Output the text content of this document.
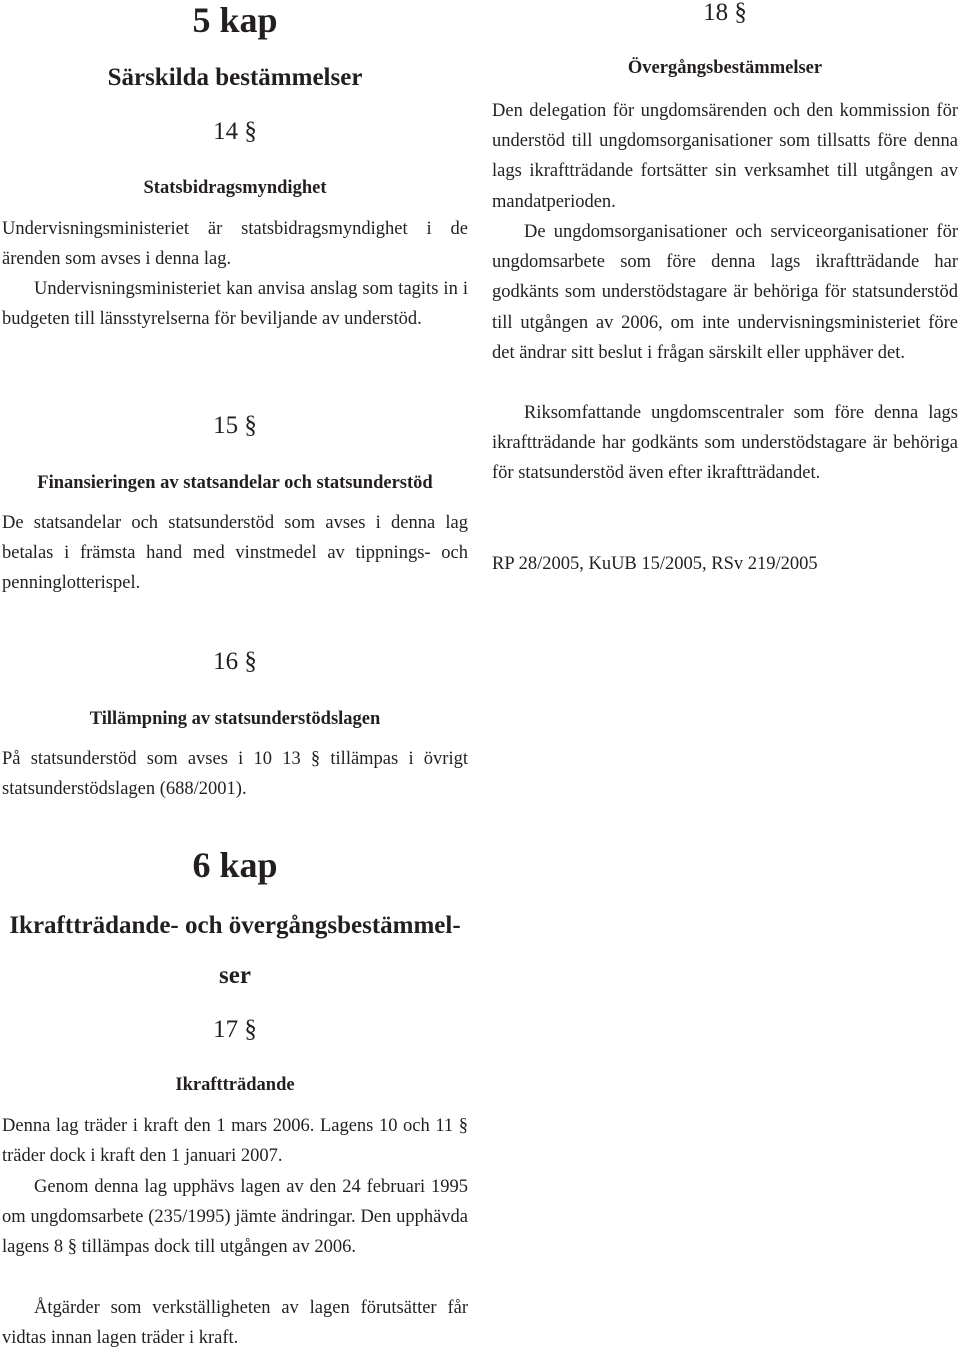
5 kap
Särskilda bestämmelser
14 §
Statsbidragsmyndighet

Undervisningsministeriet är statsbidragsmyndighet i de ärenden som avses i denna lag.

Undervisningsministeriet kan anvisa anslag som tagits in i budgeten till länsstyrelserna för beviljande av understöd.

15 §
Finansieringen av statsandelar och statsunderstöd

De statsandelar och statsunderstöd som avses i denna lag betalas i främsta hand med vinstmedel av tippnings- och penninglotterispel.

16 §
Tillämpning av statsunderstödslagen

På statsunderstöd som avses i 10 13 § tillämpas i övrigt statsunderstödslagen (688/2001).

6 kap
Ikraftträdande- och övergångsbestämmel-
ser
17 §
Ikraftträdande

Denna lag träder i kraft den 1 mars 2006. Lagens 10 och 11 § träder dock i kraft den 1 januari 2007.

Genom denna lag upphävs lagen av den 24 februari 1995 om ungdomsarbete (235/1995) jämte ändringar. Den upphävda lagens 8 § tillämpas dock till utgången av 2006.

Åtgärder som verkställigheten av lagen förutsätter får vidtas innan lagen träder i kraft.

18 §
Övergångsbestämmelser

Den delegation för ungdomsärenden och den kommission för understöd till ungdomsorganisationer som tillsatts före denna lags ikraftträdande fortsätter sin verksamhet till utgången av mandatperioden.

De ungdomsorganisationer och serviceorganisationer för ungdomsarbete som före denna lags ikraftträdande har godkänts som understödstagare är behöriga för statsunderstöd till utgången av 2006, om inte undervisningsministeriet före det ändrar sitt beslut i frågan särskilt eller upphäver det.

Riksomfattande ungdomscentraler som före denna lags ikraftträdande har godkänts som understödstagare är behöriga för statsunderstöd även efter ikraftträdandet.

RP 28/2005, KuUB 15/2005, RSv 219/2005
